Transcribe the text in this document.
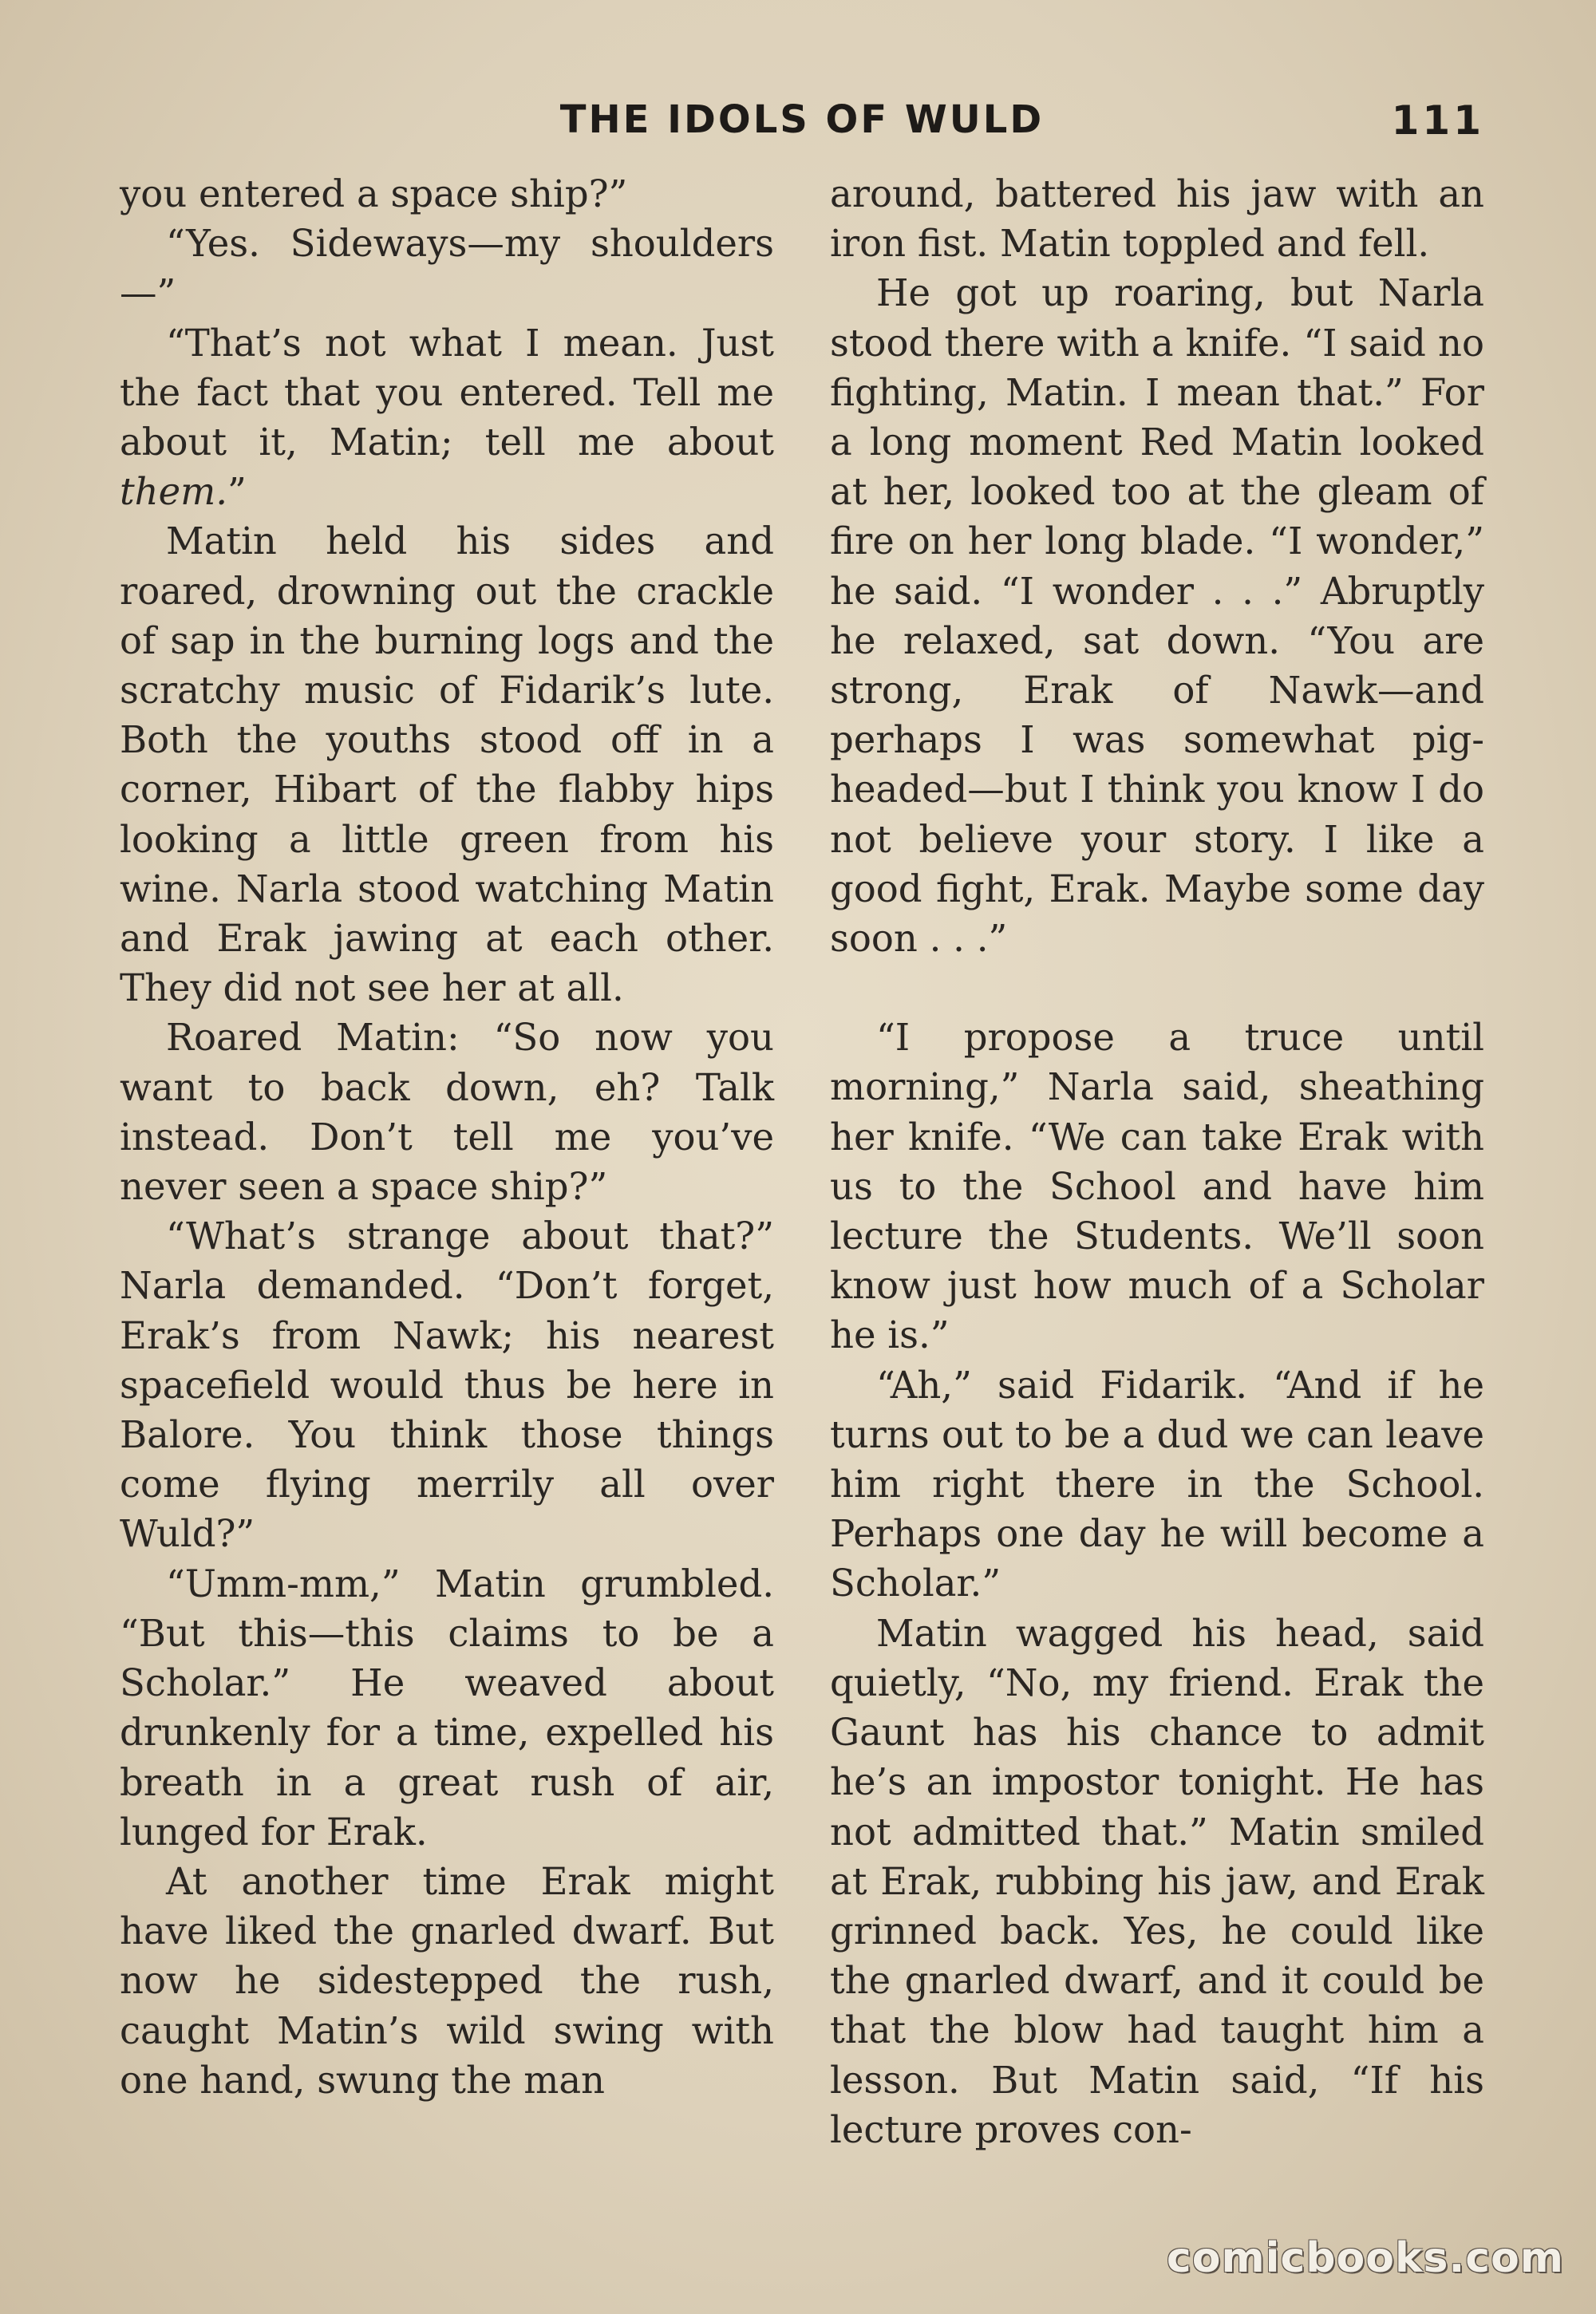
THE IDOLS OF WULD	111

you entered a space ship?”

“Yes. Sideways—my shoulders—”

“That’s not what I mean. Just the fact that you entered. Tell me about it, Matin; tell me about them.”

Matin held his sides and roared, drowning out the crackle of sap in the burning logs and the scratchy music of Fidarik’s lute. Both the youths stood off in a corner, Hibart of the flabby hips looking a little green from his wine. Narla stood watching Matin and Erak jawing at each other. They did not see her at all.

Roared Matin: “So now you want to back down, eh? Talk instead. Don’t tell me you’ve never seen a space ship?”

“What’s strange about that?” Narla demanded. “Don’t forget, Erak’s from Nawk; his nearest spacefield would thus be here in Balore. You think those things come flying merrily all over Wuld?”

“Umm-mm,” Matin grumbled. “But this—this claims to be a Scholar.” He weaved about drunkenly for a time, expelled his breath in a great rush of air, lunged for Erak.

At another time Erak might have liked the gnarled dwarf. But now he sidestepped the rush, caught Matin’s wild swing with one hand, swung the man

around, battered his jaw with an iron fist. Matin toppled and fell.

He got up roaring, but Narla stood there with a knife. “I said no fighting, Matin. I mean that.” For a long moment Red Matin looked at her, looked too at the gleam of fire on her long blade. “I wonder,” he said. “I wonder . . .” Abruptly he relaxed, sat down. “You are strong, Erak of Nawk—and perhaps I was somewhat pig-headed—but I think you know I do not believe your story. I like a good fight, Erak. Maybe some day soon . . .”

“I propose a truce until morning,” Narla said, sheathing her knife. “We can take Erak with us to the School and have him lecture the Students. We’ll soon know just how much of a Scholar he is.”

“Ah,” said Fidarik. “And if he turns out to be a dud we can leave him right there in the School. Perhaps one day he will become a Scholar.”

Matin wagged his head, said quietly, “No, my friend. Erak the Gaunt has his chance to admit he’s an impostor tonight. He has not admitted that.” Matin smiled at Erak, rubbing his jaw, and Erak grinned back. Yes, he could like the gnarled dwarf, and it could be that the blow had taught him a lesson. But Matin said, “If his lecture proves con-

comicbooks.com
